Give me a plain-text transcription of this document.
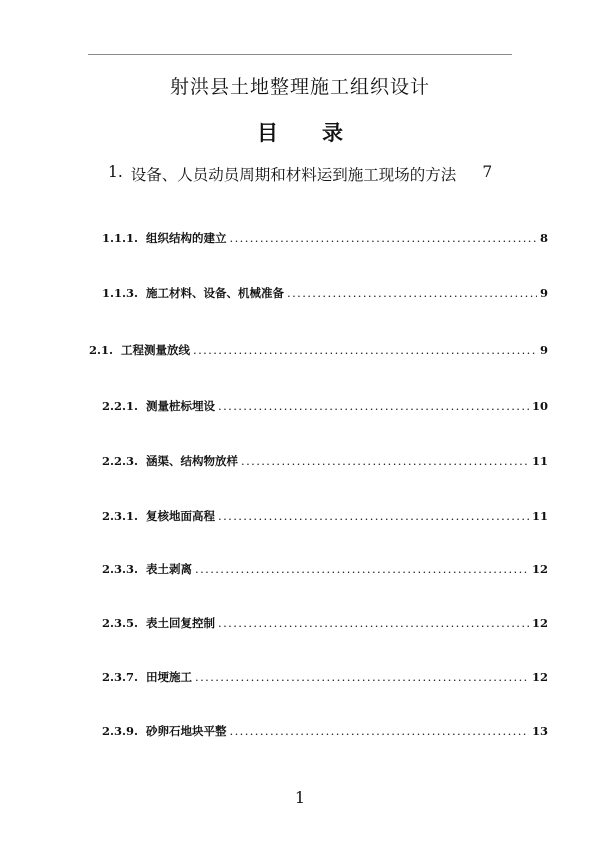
射洪县土地整理施工组织设计
目 录
1. 设备、人员动员周期和材料运到施工现场的方法 7
1.1.1. 组织结构的建立 .....	8
1.1.3. 施工材料、设备、机械准备 .....	9
2.1. 工程测量放线 .....	9
2.2.1. 测量桩标埋设 .....	10
2.2.3. 涵渠、结构物放样 .....	11
2.3.1. 复核地面高程 .....	11
2.3.3. 表土剥离 .....	12
2.3.5. 表土回复控制 .....	12
2.3.7. 田埂施工 .....	12
2.3.9. 砂卵石地块平整 .....	13
1
